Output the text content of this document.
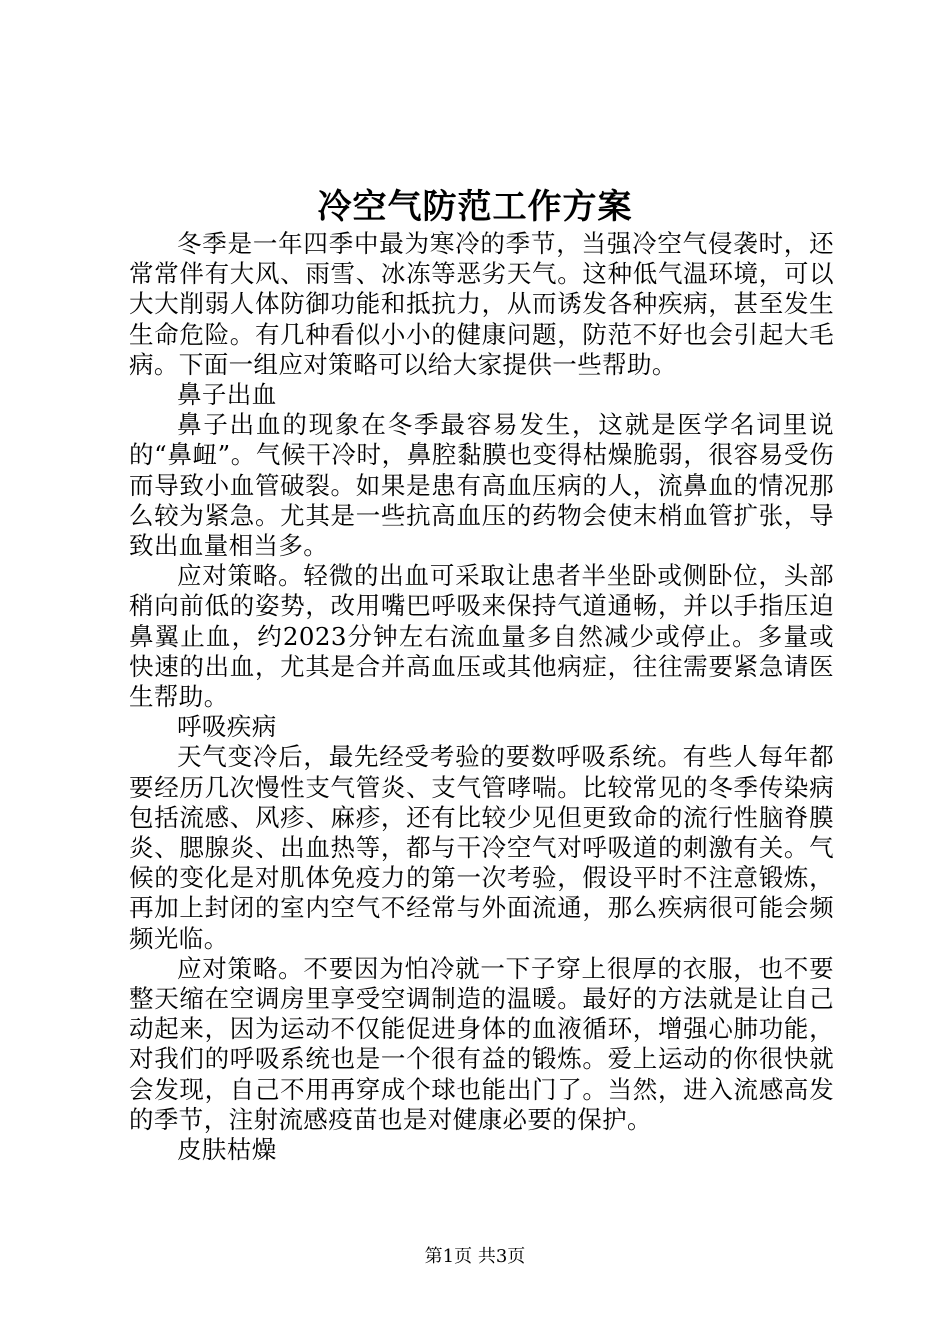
冷空气防范工作方案

冬季是一年四季中最为寒冷的季节，当强冷空气侵袭时，还常常伴有大风、雨雪、冰冻等恶劣天气。这种低气温环境，可以大大削弱人体防御功能和抵抗力，从而诱发各种疾病，甚至发生生命危险。有几种看似小小的健康问题，防范不好也会引起大毛病。下面一组应对策略可以给大家提供一些帮助。

鼻子出血

鼻子出血的现象在冬季最容易发生，这就是医学名词里说的“鼻衄”。气候干冷时，鼻腔黏膜也变得枯燥脆弱，很容易受伤而导致小血管破裂。如果是患有高血压病的人，流鼻血的情况那么较为紧急。尤其是一些抗高血压的药物会使末梢血管扩张，导致出血量相当多。

应对策略。轻微的出血可采取让患者半坐卧或侧卧位，头部稍向前低的姿势，改用嘴巴呼吸来保持气道通畅，并以手指压迫鼻翼止血，约2023分钟左右流血量多自然减少或停止。多量或快速的出血，尤其是合并高血压或其他病症，往往需要紧急请医生帮助。

呼吸疾病

天气变冷后，最先经受考验的要数呼吸系统。有些人每年都要经历几次慢性支气管炎、支气管哮喘。比较常见的冬季传染病包括流感、风疹、麻疹，还有比较少见但更致命的流行性脑脊膜炎、腮腺炎、出血热等，都与干冷空气对呼吸道的刺激有关。气候的变化是对肌体免疫力的第一次考验，假设平时不注意锻炼，再加上封闭的室内空气不经常与外面流通，那么疾病很可能会频频光临。

应对策略。不要因为怕冷就一下子穿上很厚的衣服，也不要整天缩在空调房里享受空调制造的温暖。最好的方法就是让自己动起来，因为运动不仅能促进身体的血液循环，增强心肺功能，对我们的呼吸系统也是一个很有益的锻炼。爱上运动的你很快就会发现，自己不用再穿成个球也能出门了。当然，进入流感高发的季节，注射流感疫苗也是对健康必要的保护。

皮肤枯燥

第1页 共3页
